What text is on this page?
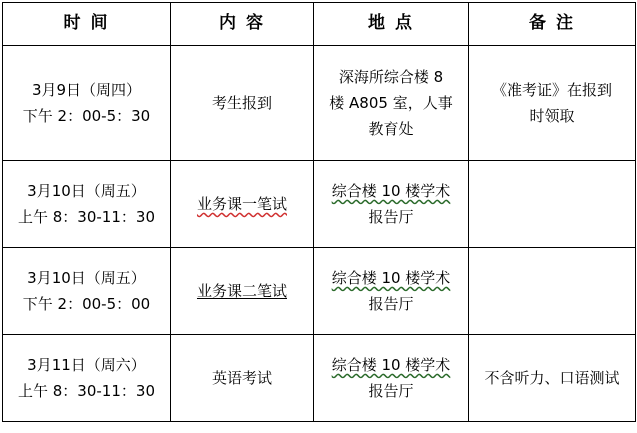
时 间	内 容	地 点	备 注

3月9日（周四）
下午 2：00-5：30	考生报到	深海所综合楼 8
楼 A805 室，人事
教育处	《准考证》在报到
时领取

3月10日（周五）
上午 8：30-11：30	业务课一笔试	综合楼 10 楼学术
报告厅	

3月10日（周五）
下午 2：00-5：00	业务课二笔试	综合楼 10 楼学术
报告厅	

3月11日（周六）
上午 8：30-11：30	英语考试	综合楼 10 楼学术
报告厅	不含听力、口语测试
